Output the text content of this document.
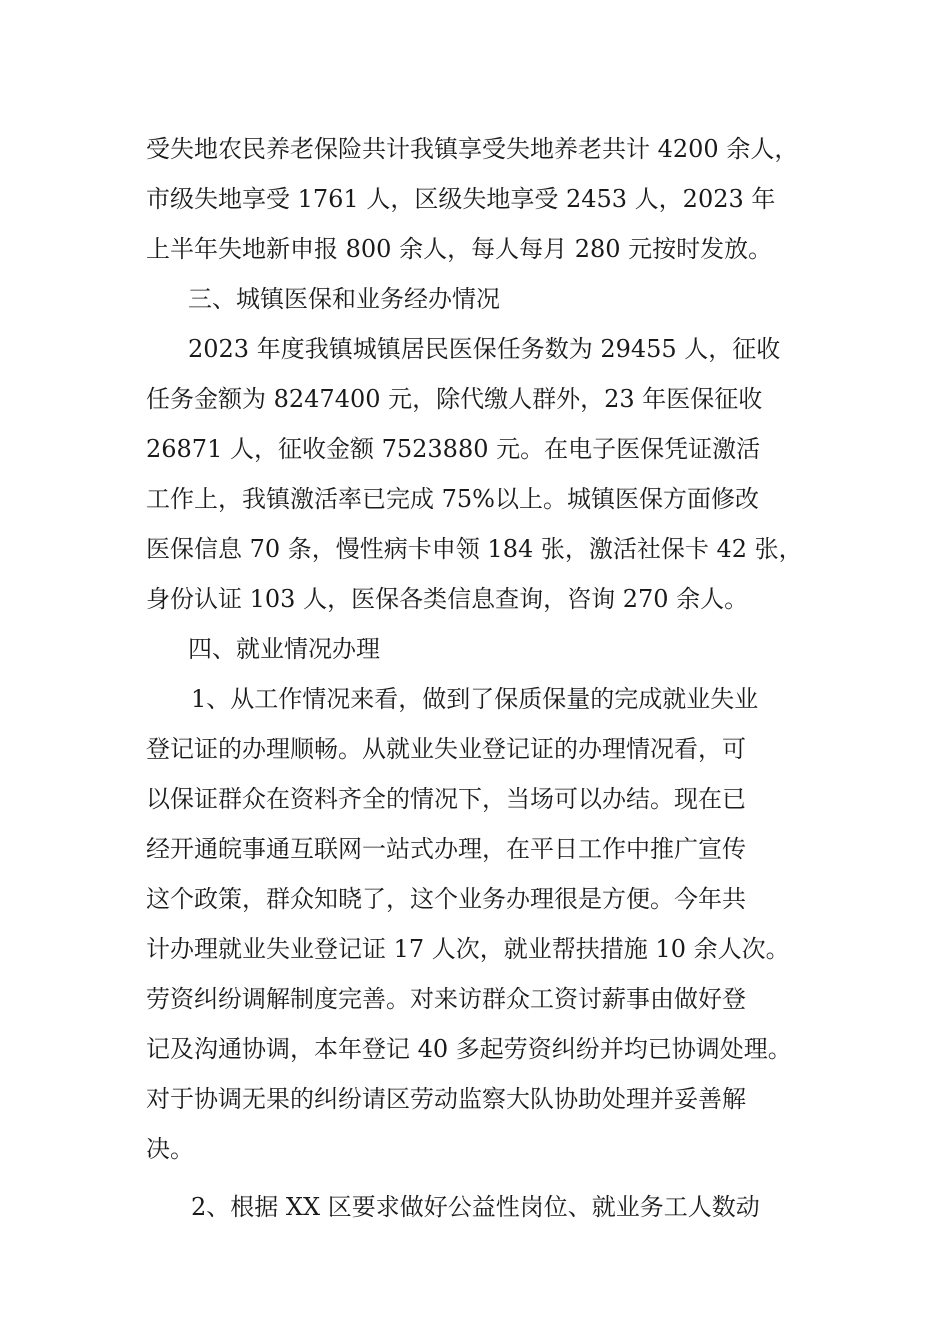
受失地农民养老保险共计我镇享受失地养老共计 4200 余人，
市级失地享受 1761 人，区级失地享受 2453 人，2023 年
上半年失地新申报 800 余人，每人每月 280 元按时发放。
三、城镇医保和业务经办情况
2023 年度我镇城镇居民医保任务数为 29455 人，征收
任务金额为 8247400 元，除代缴人群外，23 年医保征收
26871 人，征收金额 7523880 元。在电子医保凭证激活
工作上，我镇激活率已完成 75%以上。城镇医保方面修改
医保信息 70 条，慢性病卡申领 184 张，激活社保卡 42 张，
身份认证 103 人，医保各类信息查询，咨询 270 余人。
四、就业情况办理
1、从工作情况来看，做到了保质保量的完成就业失业
登记证的办理顺畅。从就业失业登记证的办理情况看，可
以保证群众在资料齐全的情况下，当场可以办结。现在已
经开通皖事通互联网一站式办理，在平日工作中推广宣传
这个政策，群众知晓了，这个业务办理很是方便。今年共
计办理就业失业登记证 17 人次，就业帮扶措施 10 余人次。
劳资纠纷调解制度完善。对来访群众工资讨薪事由做好登
记及沟通协调，本年登记 40 多起劳资纠纷并均已协调处理。
对于协调无果的纠纷请区劳动监察大队协助处理并妥善解
决。
2、根据 XX 区要求做好公益性岗位、就业务工人数动
